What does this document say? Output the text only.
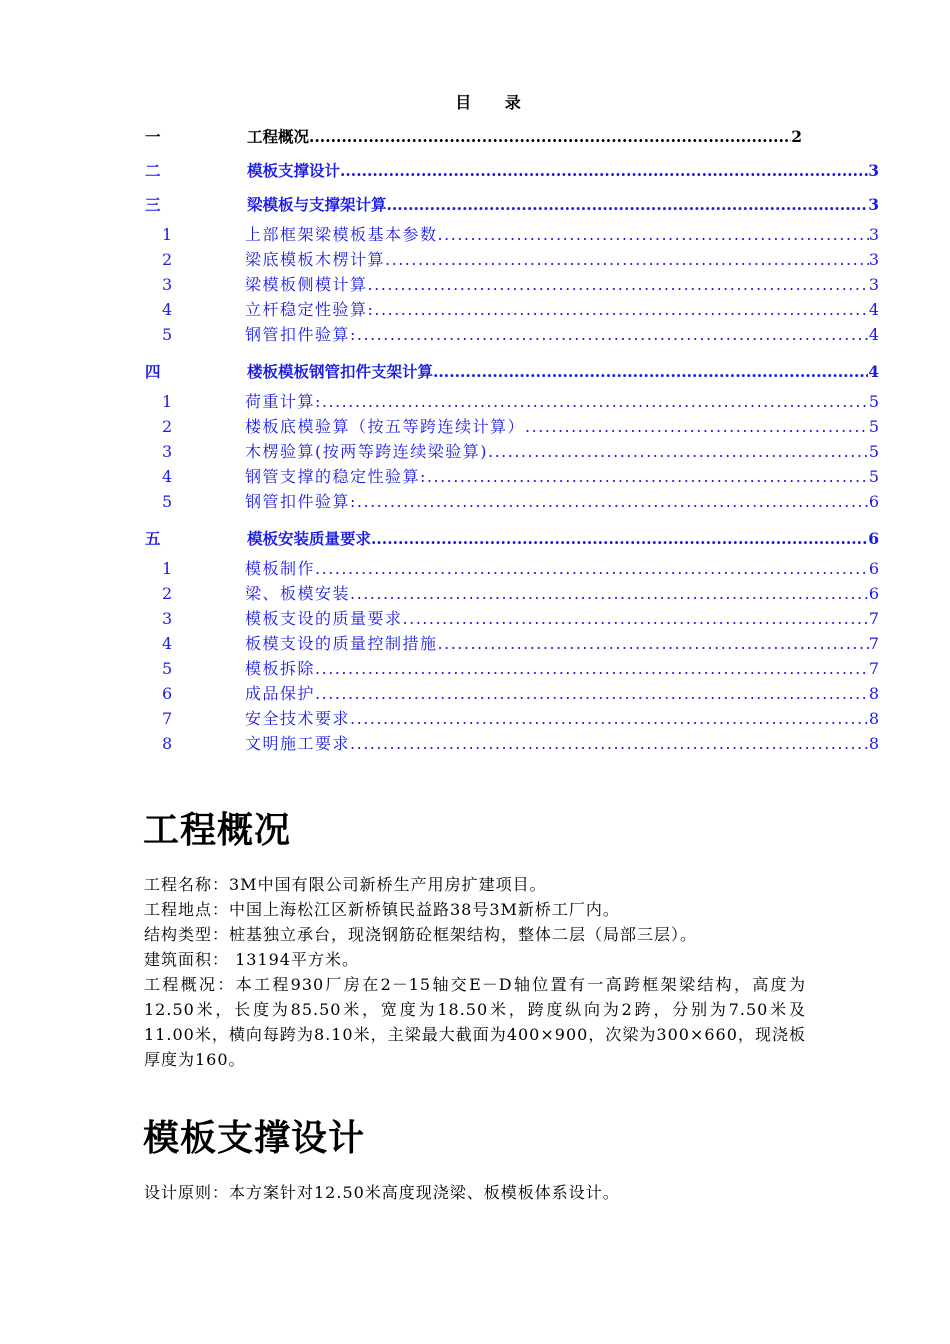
目 录
一	工程概况 .....	2
二	模板支撑设计 .....	3
三	梁模板与支撑架计算 .....	3
1	上部框架梁模板基本参数 .....	3
2	梁底模板木楞计算 .....	3
3	梁模板侧模计算 .....	3
4	立杆稳定性验算: .....	4
5	钢管扣件验算: .....	4
四	楼板模板钢管扣件支架计算 .....	4
1	荷重计算: .....	5
2	楼板底模验算（按五等跨连续计算） .....	5
3	木楞验算(按两等跨连续梁验算) .....	5
4	钢管支撑的稳定性验算: .....	5
5	钢管扣件验算: .....	6
五	模板安装质量要求 .....	6
1	模板制作 .....	6
2	梁、板模安装 .....	6
3	模板支设的质量要求 .....	7
4	板模支设的质量控制措施 .....	7
5	模板拆除 .....	7
6	成品保护 .....	8
7	安全技术要求 .....	8
8	文明施工要求 .....	8
工程概况

工程名称：3M中国有限公司新桥生产用房扩建项目。

工程地点：中国上海松江区新桥镇民益路38号3M新桥工厂内。

结构类型：桩基独立承台，现浇钢筋砼框架结构，整体二层（局部三层）。

建筑面积： 13194平方米。

工程概况：本工程930厂房在2－15轴交E－D轴位置有一高跨框架梁结构，高度为12.50米，长度为85.50米，宽度为18.50米，跨度纵向为2跨，分别为7.50米及11.00米，横向每跨为8.10米，主梁最大截面为400×900，次梁为300×660，现浇板厚度为160。

模板支撑设计

设计原则：本方案针对12.50米高度现浇梁、板模板体系设计。
